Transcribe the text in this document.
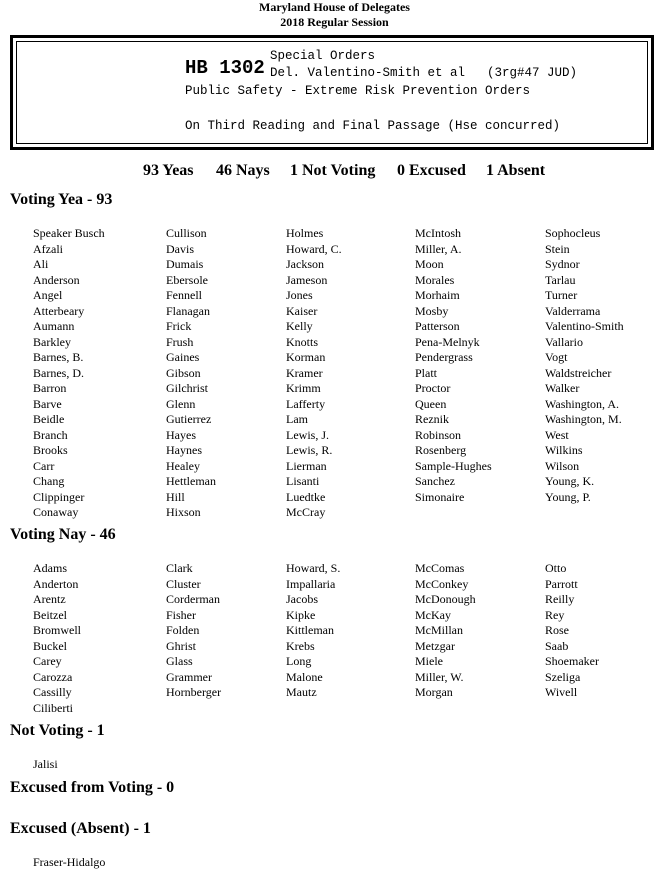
Maryland House of Delegates
2018 Regular Session
HB 1302
Special Orders
Del. Valentino-Smith et al (3rg#47 JUD)
Public Safety - Extreme Risk Prevention Orders
On Third Reading and Final Passage (Hse concurred)
93 Yeas 46 Nays 1 Not Voting 0 Excused 1 Absent
Voting Yea - 93
Speaker Busch
Afzali
Ali
Anderson
Angel
Atterbeary
Aumann
Barkley
Barnes, B.
Barnes, D.
Barron
Barve
Beidle
Branch
Brooks
Carr
Chang
Clippinger
Conaway
Cullison
Davis
Dumais
Ebersole
Fennell
Flanagan
Frick
Frush
Gaines
Gibson
Gilchrist
Glenn
Gutierrez
Hayes
Haynes
Healey
Hettleman
Hill
Hixson
Holmes
Howard, C.
Jackson
Jameson
Jones
Kaiser
Kelly
Knotts
Korman
Kramer
Krimm
Lafferty
Lam
Lewis, J.
Lewis, R.
Lierman
Lisanti
Luedtke
McCray
McIntosh
Miller, A.
Moon
Morales
Morhaim
Mosby
Patterson
Pena-Melnyk
Pendergrass
Platt
Proctor
Queen
Reznik
Robinson
Rosenberg
Sample-Hughes
Sanchez
Simonaire
Sophocleus
Stein
Sydnor
Tarlau
Turner
Valderrama
Valentino-Smith
Vallario
Vogt
Waldstreicher
Walker
Washington, A.
Washington, M.
West
Wilkins
Wilson
Young, K.
Young, P.
Voting Nay - 46
Adams
Anderton
Arentz
Beitzel
Bromwell
Buckel
Carey
Carozza
Cassilly
Ciliberti
Clark
Cluster
Corderman
Fisher
Folden
Ghrist
Glass
Grammer
Hornberger
Howard, S.
Impallaria
Jacobs
Kipke
Kittleman
Krebs
Long
Malone
Mautz
McComas
McConkey
McDonough
McKay
McMillan
Metzgar
Miele
Miller, W.
Morgan
Otto
Parrott
Reilly
Rey
Rose
Saab
Shoemaker
Szeliga
Wivell
Not Voting - 1
Jalisi
Excused from Voting - 0
Excused (Absent) - 1
Fraser-Hidalgo
